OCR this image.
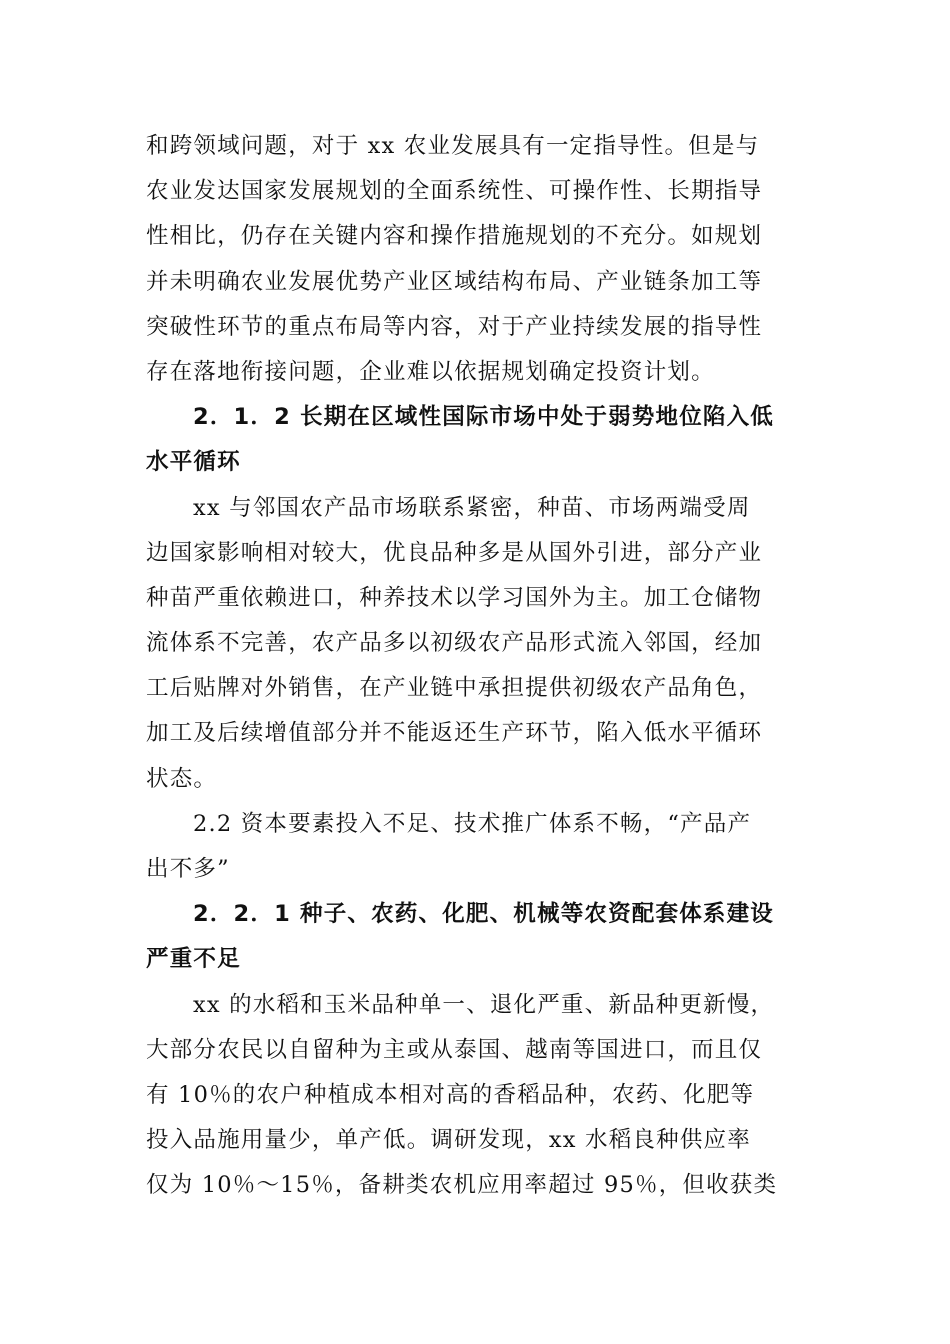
和跨领域问题，对于 xx 农业发展具有一定指导性。但是与
农业发达国家发展规划的全面系统性、可操作性、长期指导
性相比，仍存在关键内容和操作措施规划的不充分。如规划
并未明确农业发展优势产业区域结构布局、产业链条加工等
突破性环节的重点布局等内容，对于产业持续发展的指导性
存在落地衔接问题，企业难以依据规划确定投资计划。
2．1．2 长期在区域性国际市场中处于弱势地位陷入低
水平循环
xx 与邻国农产品市场联系紧密，种苗、市场两端受周
边国家影响相对较大，优良品种多是从国外引进，部分产业
种苗严重依赖进口，种养技术以学习国外为主。加工仓储物
流体系不完善，农产品多以初级农产品形式流入邻国，经加
工后贴牌对外销售，在产业链中承担提供初级农产品角色，
加工及后续增值部分并不能返还生产环节，陷入低水平循环
状态。
2.2 资本要素投入不足、技术推广体系不畅，“产品产
出不多”
2．2．1 种子、农药、化肥、机械等农资配套体系建设
严重不足
xx 的水稻和玉米品种单一、退化严重、新品种更新慢，
大部分农民以自留种为主或从泰国、越南等国进口，而且仅
有 10％的农户种植成本相对高的香稻品种，农药、化肥等
投入品施用量少，单产低。调研发现，xx 水稻良种供应率
仅为 10％～15％，备耕类农机应用率超过 95％，但收获类
